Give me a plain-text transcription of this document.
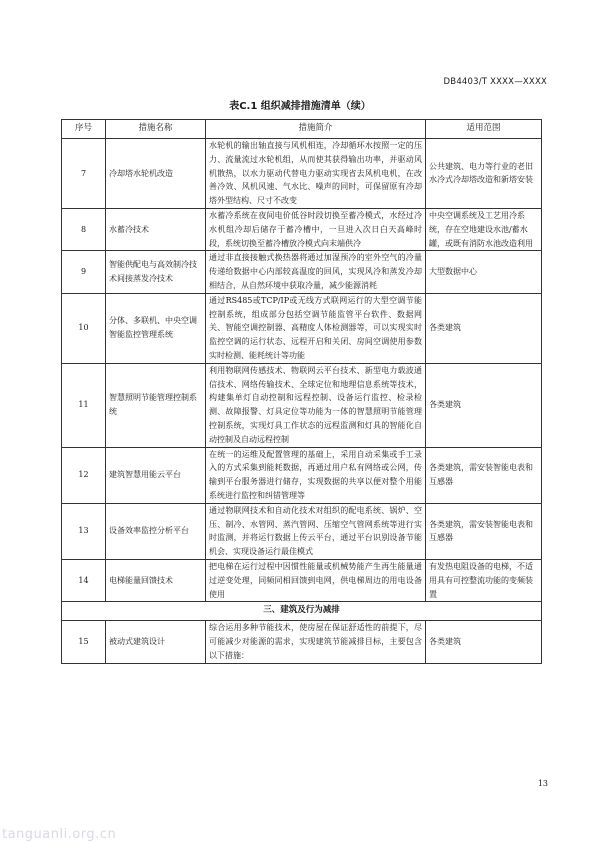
DB4403/T XXXX—XXXX
表C.1 组织减排措施清单（续）
序号	措施名称	措施简介	适用范围
7	冷却塔水轮机改造	水轮机的输出轴直接与风机相连，冷却循环水按照一定的压力、流量流过水轮机组，从而使其获得输出功率，并驱动风机散热，以水力驱动代替电力驱动实现省去风机电机，在改善冷效、风机风速、气水比、噪声的同时，可保留原有冷却塔外型结构、尺寸不改变	公共建筑、电力等行业的老旧水冷式冷却塔改造和新塔安装
8	水蓄冷技术	水蓄冷系统在夜间电价低谷时段切换至蓄冷模式，水经过冷水机组冷却后储存于蓄冷槽中，一旦进入次日白天高峰时段，系统切换至蓄冷槽放冷模式向末端供冷	中央空调系统及工艺用冷系统，存在空地建设水池/蓄水罐，或既有消防水池改造利用
9	智能供配电与高效制冷技术间接蒸发冷技术	通过非直接接触式换热器将通过加湿预冷的室外空气的冷量传递给数据中心内部较高温度的回风，实现风冷和蒸发冷却相结合，从自然环境中获取冷量，减少能源消耗	大型数据中心
10	分体、多联机、中央空调智能监控管理系统	通过RS485或TCP/IP或无线方式联网运行的大型空调节能控制系统，组成部分包括空调节能监管平台软件、数据网关、智能空调控制器、高精度人体检测器等，可以实现实时监控空调的运行状态、远程开启和关闭、房间空调使用参数实时检测、能耗统计等功能	各类建筑
11	智慧照明节能管理控制系统	利用物联网传感技术、物联网云平台技术、新型电力载波通信技术、网络传输技术、全球定位和地理信息系统等技术， 构建集单灯自动控制和远程控制、设备运行监控、检录检测、故障报警、灯具定位等功能为一体的智慧照明节能管理控制系统，实现灯具工作状态的远程监测和灯具的智能化自动控制及自动远程控制	各类建筑
12	建筑智慧用能云平台	在统一的运维及配置管理的基础上，采用自动采集或手工录入的方式采集到能耗数据，再通过用户私有网络或公网，传输到平台服务器进行储存，实现数据的共享以便对整个用能系统进行监控和纠错管理等	各类建筑，需安装智能电表和互感器
13	设备效率监控分析平台	通过物联网技术和自动化技术对组织的配电系统、锅炉、空压、制冷、水管网、蒸汽管网、压缩空气管网系统等进行实时监测，并将运行数据上传云平台，通过平台识别设备节能机会、实现设备运行最佳模式	各类建筑，需安装智能电表和互感器
14	电梯能量回馈技术	把电梯在运行过程中因惯性能量或机械势能产生再生能量通过逆变处理，同频同相回馈到电网，供电梯周边的用电设备使用	有发热电阻设备的电梯，不适用具有可控整流功能的变频装置
三、建筑及行为减排			
15	被动式建筑设计	综合运用多种节能技术，使房屋在保证舒适性的前提下，尽可能减少对能源的需求，实现建筑节能减排目标，主要包含以下措施：	各类建筑
13
tanguanli.org.cn
